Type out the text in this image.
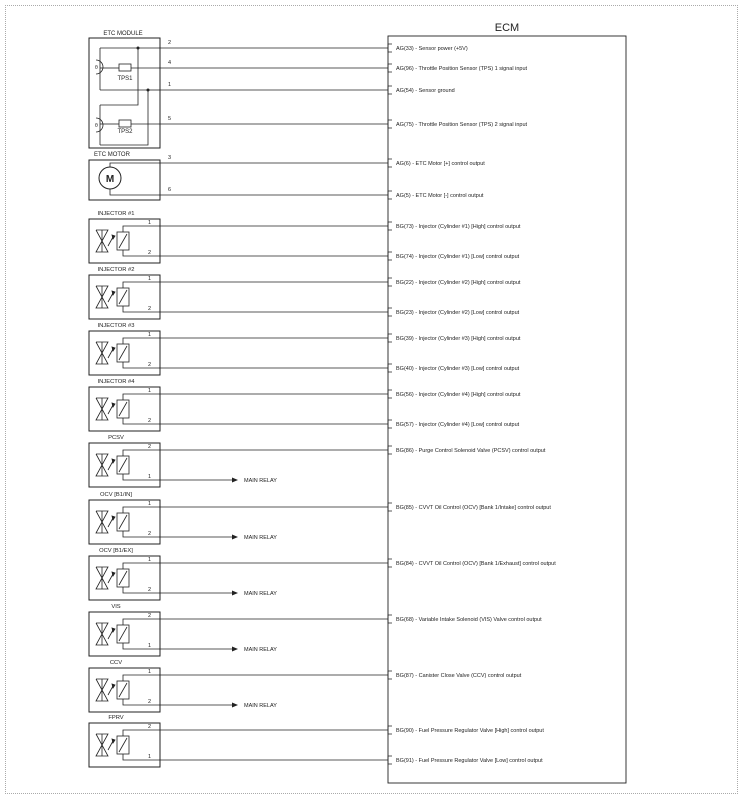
ECM
ETC MODULE
ETC MOTOR
M
TPS1
θ
TPS2
θ
2
AG(33) - Sensor power (+5V)
4
AG(96) - Throttle Position Sensor (TPS) 1 signal input
1
AG(54) - Sensor ground
5
AG(75) - Throttle Position Sensor (TPS) 2 signal input
3
AG(6) - ETC Motor [+] control output
6
AG(5) - ETC Motor [-] control output
INJECTOR #1
1
BG(73) - Injector (Cylinder #1) [High] control output
2
BG(74) - Injector (Cylinder #1) [Low] control output
INJECTOR #2
1
BG(22) - Injector (Cylinder #2) [High] control output
2
BG(23) - Injector (Cylinder #2) [Low] control output
INJECTOR #3
1
BG(39) - Injector (Cylinder #3) [High] control output
2
BG(40) - Injector (Cylinder #3) [Low] control output
INJECTOR #4
1
BG(56) - Injector (Cylinder #4) [High] control output
2
BG(57) - Injector (Cylinder #4) [Low] control output
PCSV
2
BG(86) - Purge Control Solenoid Valve (PCSV) control output
1
MAIN RELAY
OCV [B1/IN]
1
BG(85) - CVVT Oil Control (OCV) [Bank 1/Intake] control output
2
MAIN RELAY
OCV [B1/EX]
1
BG(84) - CVVT Oil Control (OCV) [Bank 1/Exhaust] control output
2
MAIN RELAY
VIS
2
BG(68) - Variable Intake Solenoid (VIS) Valve control output
1
MAIN RELAY
CCV
1
BG(87) - Canister Close Valve (CCV) control output
2
MAIN RELAY
FPRV
2
BG(90) - Fuel Pressure Regulator Valve [High] control output
1
BG(91) - Fuel Pressure Regulator Valve [Low] control output
